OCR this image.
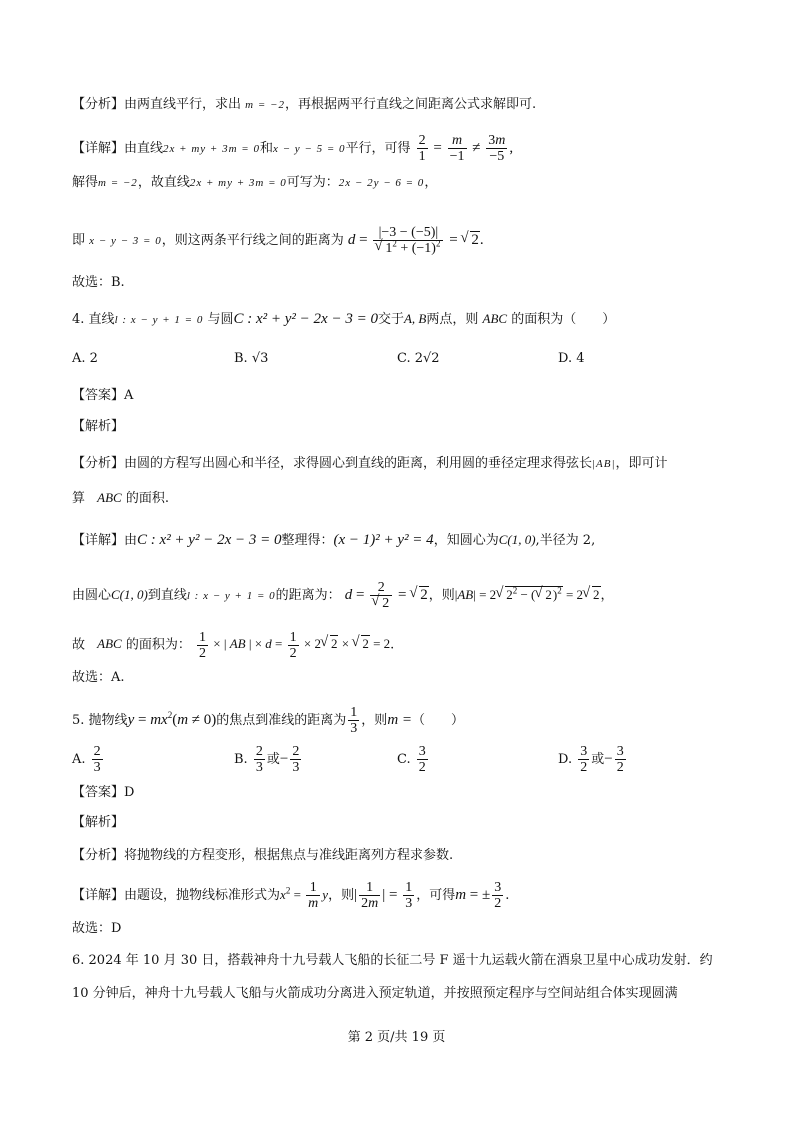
【分析】由两直线平行，求出 m = −2，再根据两平行直线之间距离公式求解即可.
【详解】由直线2x + my + 3m = 0和x − y − 5 = 0平行，可得 $\frac{2}{1} = \frac{m}{-1} \ne \frac{3m}{-5}$ ,
解得m = −2，故直线2x + my + 3m = 0可写为：2x − 2y − 6 = 0，
即 x − y − 3 = 0，则这两条平行线之间的距离为 d = |−3 − (−5)|
√ $1^2 + (-1)^2$ = √ 2.
故选：B.
4. 直线l : x − y + 1 = 0 与圆C : x² + y² − 2x − 3 = 0交于A, B两点，则 ABC 的面积为（　　）
A. 2	B. √3	C. 2√2	D. 4
【答案】A
【解析】
【分析】由圆的方程写出圆心和半径，求得圆心到直线的距离，利用圆的垂径定理求得弦长|AB|，即可计
算 ABC 的面积.
【详解】由C : x² + y² − 2x − 3 = 0整理得：(x − 1)² + y² = 4，知圆心为C(1, 0),半径为 2,
由圆心C(1, 0)到直线l : x − y + 1 = 0的距离为： d = 2
√ 2 = √ 2，则|AB| = 2√ $2^2$ − (√ 2)$^2$ = 2√ 2，
故 ABC 的面积为： $\frac{1}{2}$ × | AB | × $d = \frac{1}{2} \times 2√$ 2 × √ 2 = 2.
故选：A.
5. 抛物线$y = mx^2(m \ne 0)$的焦点到准线的距离为 $\frac{1}{3}$ ，则m =（　　）
A. $\frac{2}{3}$	B. $\frac{2}{3}$ 或− $\frac{2}{3}$	C. $\frac{3}{2}$	D. $\frac{3}{2}$ 或− $\frac{3}{2}$
【答案】D
【解析】
【分析】将抛物线的方程变形，根据焦点与准线距离列方程求参数.
【详解】由题设，抛物线标准形式为$x^2 = \frac{1}{m}$ y，则| $\frac{1}{2m}$ | = $\frac{1}{3}$ ，可得m = ± $\frac{3}{2}$ .
故选：D
6. 2024 年 10 月 30 日，搭载神舟十九号载人飞船的长征二号 F 遥十九运载火箭在酒泉卫星中心成功发射．约
10 分钟后，神舟十九号载人飞船与火箭成功分离进入预定轨道，并按照预定程序与空间站组合体实现圆满
第 2 页/共 19 页
